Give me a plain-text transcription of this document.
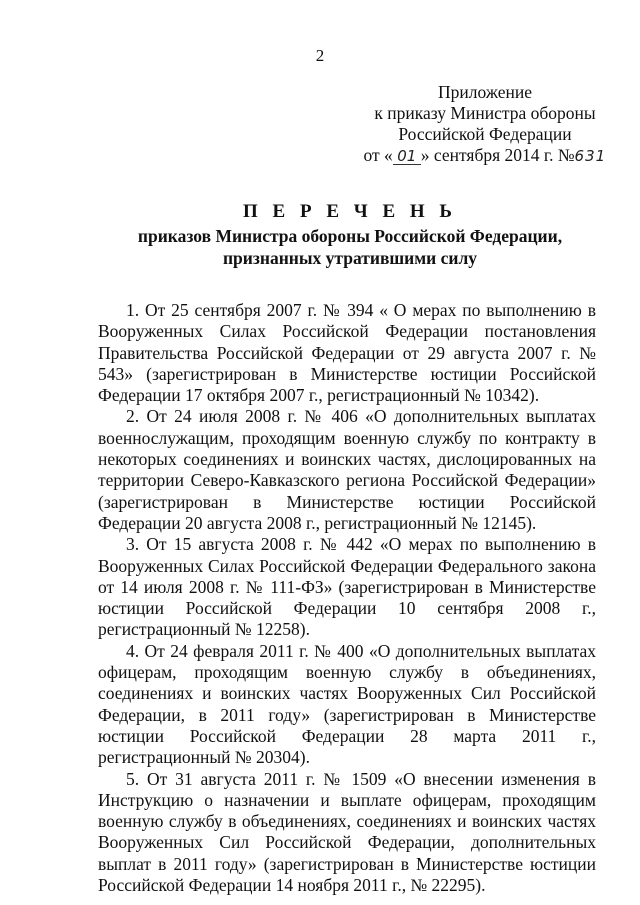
2
Приложение
к приказу Министра обороны
Российской Федерации
от « 01 » сентября 2014 г. №631
П Е Р Е Ч Е Н Ь
приказов Министра обороны Российской Федерации,
признанных утратившими силу

1. От 25 сентября 2007 г. № 394 « О мерах по выполнению в Вооруженных Силах Российской Федерации постановления Правительства Российской Федерации от 29 августа 2007 г. № 543» (зарегистрирован в Министерстве юстиции Российской Федерации 17 октября 2007 г., регистрационный № 10342).

2. От 24 июля 2008 г. № 406 «О дополнительных выплатах военнослужащим, проходящим военную службу по контракту в некоторых соединениях и воинских частях, дислоцированных на территории Северо-Кавказского региона Российской Федерации» (зарегистрирован в Министерстве юстиции Российской Федерации 20 августа 2008 г., регистрационный № 12145).

3. От 15 августа 2008 г. № 442 «О мерах по выполнению в Вооруженных Силах Российской Федерации Федерального закона от 14 июля 2008 г. № 111-ФЗ» (зарегистрирован в Министерстве юстиции Российской Федерации 10 сентября 2008 г., регистрационный № 12258).

4. От 24 февраля 2011 г. № 400 «О дополнительных выплатах офицерам, проходящим военную службу в объединениях, соединениях и воинских частях Вооруженных Сил Российской Федерации, в 2011 году» (зарегистрирован в Министерстве юстиции Российской Федерации 28 марта 2011 г., регистрационный № 20304).

5. От 31 августа 2011 г. № 1509 «О внесении изменения в Инструкцию о назначении и выплате офицерам, проходящим военную службу в объединениях, соединениях и воинских частях Вооруженных Сил Российской Федерации, дополнительных выплат в 2011 году» (зарегистрирован в Министерстве юстиции Российской Федерации 14 ноября 2011 г., № 22295).
